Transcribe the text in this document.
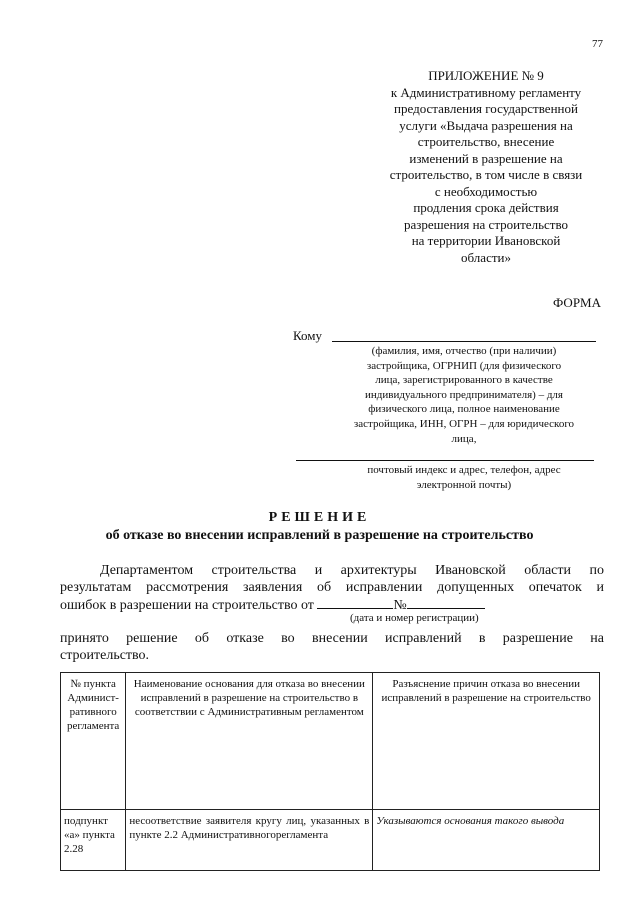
77
ПРИЛОЖЕНИЕ № 9
к Административному регламенту
предоставления государственной
услуги «Выдача разрешения на
строительство, внесение
изменений в разрешение на
строительство, в том числе в связи
с необходимостью
продления срока действия
разрешения на строительство
на территории Ивановской
области»
ФОРМА
Кому
(фамилия, имя, отчество (при наличии)
застройщика, ОГРНИП (для физического
лица, зарегистрированного в качестве
индивидуального предпринимателя) – для
физического лица, полное наименование
застройщика, ИНН, ОГРН – для юридического
лица,
почтовый индекс и адрес, телефон, адрес
электронной почты)
РЕШЕНИЕ
об отказе во внесении исправлений в разрешение на строительство
Департаментом строительства и архитектуры Ивановской области по
результатам рассмотрения заявления об исправлении допущенных опечаток и
ошибок в разрешении на строительство от	№
(дата и номер регистрации)
принято решение об отказе во внесении исправлений в разрешение на
строительство.
№ пункта Админист-ративного регламента	Наименование основания для отказа во внесении исправлений в разрешение на строительство в соответствии с Административным регламентом	Разъяснение причин отказа во внесении исправлений в разрешение на строительство
подпункт «а» пункта 2.28	несоответствие заявителя кругу лиц, указанных в пункте 2.2 Административногорегламента	Указываются основания такого вывода
